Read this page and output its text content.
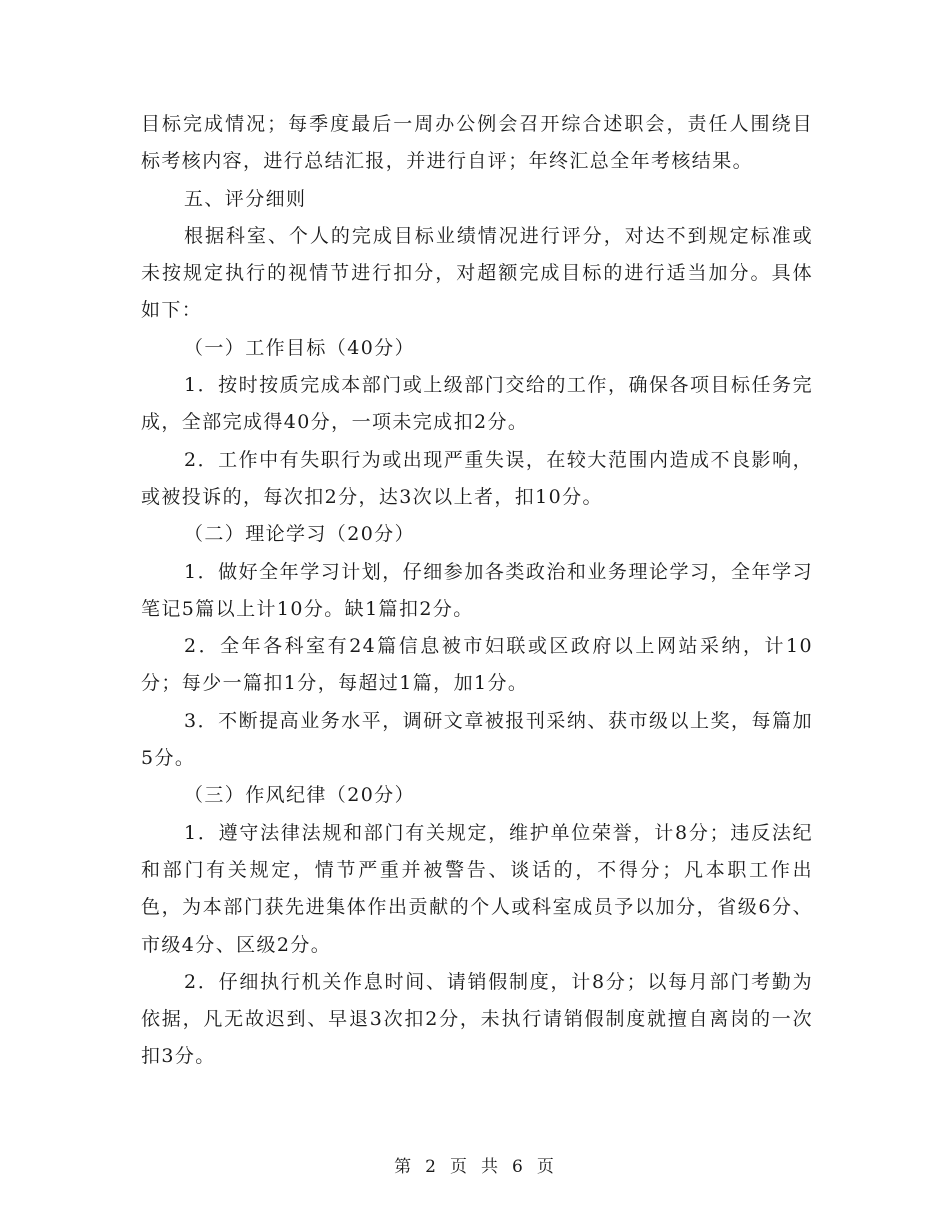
目标完成情况；每季度最后一周办公例会召开综合述职会，责任人围绕目标考核内容，进行总结汇报，并进行自评；年终汇总全年考核结果。

五、评分细则

根据科室、个人的完成目标业绩情况进行评分，对达不到规定标准或未按规定执行的视情节进行扣分，对超额完成目标的进行适当加分。具体如下：

（一）工作目标（40分）

1．按时按质完成本部门或上级部门交给的工作，确保各项目标任务完成，全部完成得40分，一项未完成扣2分。

2．工作中有失职行为或出现严重失误，在较大范围内造成不良影响，或被投诉的，每次扣2分，达3次以上者，扣10分。

（二）理论学习（20分）

1．做好全年学习计划，仔细参加各类政治和业务理论学习，全年学习笔记5篇以上计10分。缺1篇扣2分。

2．全年各科室有24篇信息被市妇联或区政府以上网站采纳，计10分；每少一篇扣1分，每超过1篇，加1分。

3．不断提高业务水平，调研文章被报刊采纳、获市级以上奖，每篇加5分。

（三）作风纪律（20分）

1．遵守法律法规和部门有关规定，维护单位荣誉，计8分；违反法纪和部门有关规定，情节严重并被警告、谈话的，不得分；凡本职工作出色，为本部门获先进集体作出贡献的个人或科室成员予以加分，省级6分、市级4分、区级2分。

2．仔细执行机关作息时间、请销假制度，计8分；以每月部门考勤为依据，凡无故迟到、早退3次扣2分，未执行请销假制度就擅自离岗的一次扣3分。

第 2 页 共 6 页
